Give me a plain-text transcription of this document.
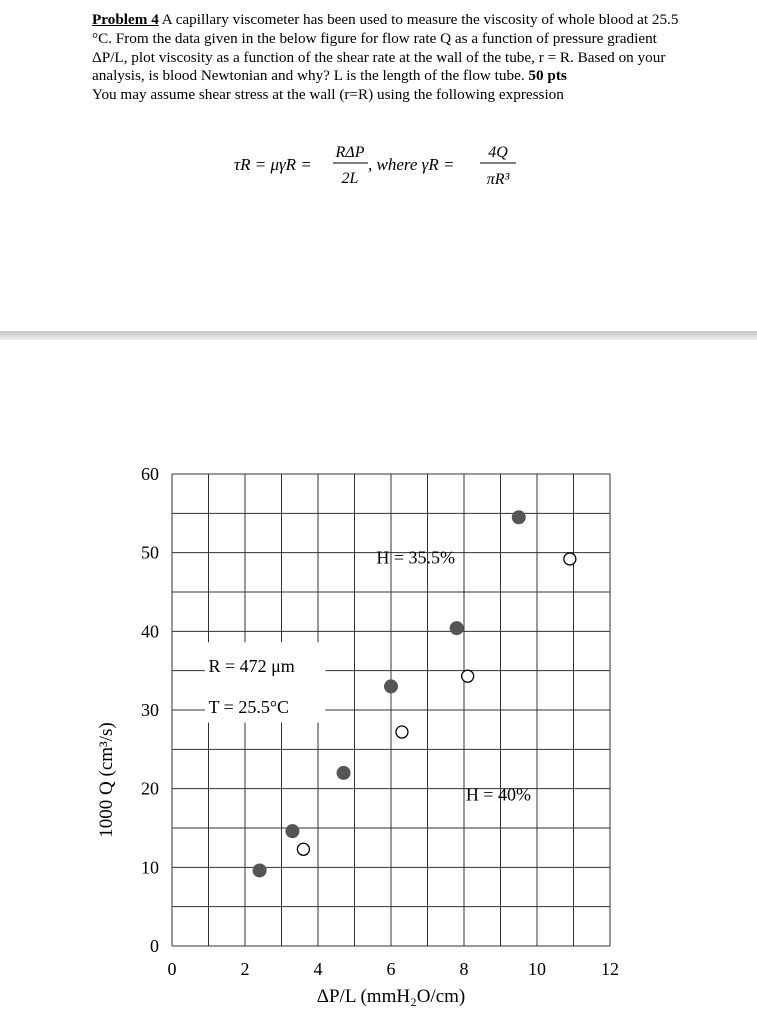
Problem 4 A capillary viscometer has been used to measure the viscosity of whole blood at 25.5 °C. From the data given in the below figure for flow rate Q as a function of pressure gradient ΔP/L, plot viscosity as a function of the shear rate at the wall of the tube, r = R. Based on your analysis, is blood Newtonian and why? L is the length of the flow tube. 50 pts

You may assume shear stress at the wall (r=R) using the following expression

τR = μγ̇R =
RΔP
2L
, where γ̇R =
4Q
πR³
0	2	4	6	8	10	12
0
10
20
30
40
50
60
R = 472 μm
T = 25.5°C
H = 35.5%
H = 40%
ΔP/L (mmH₂O/cm)
1000 Q (cm³/s)
